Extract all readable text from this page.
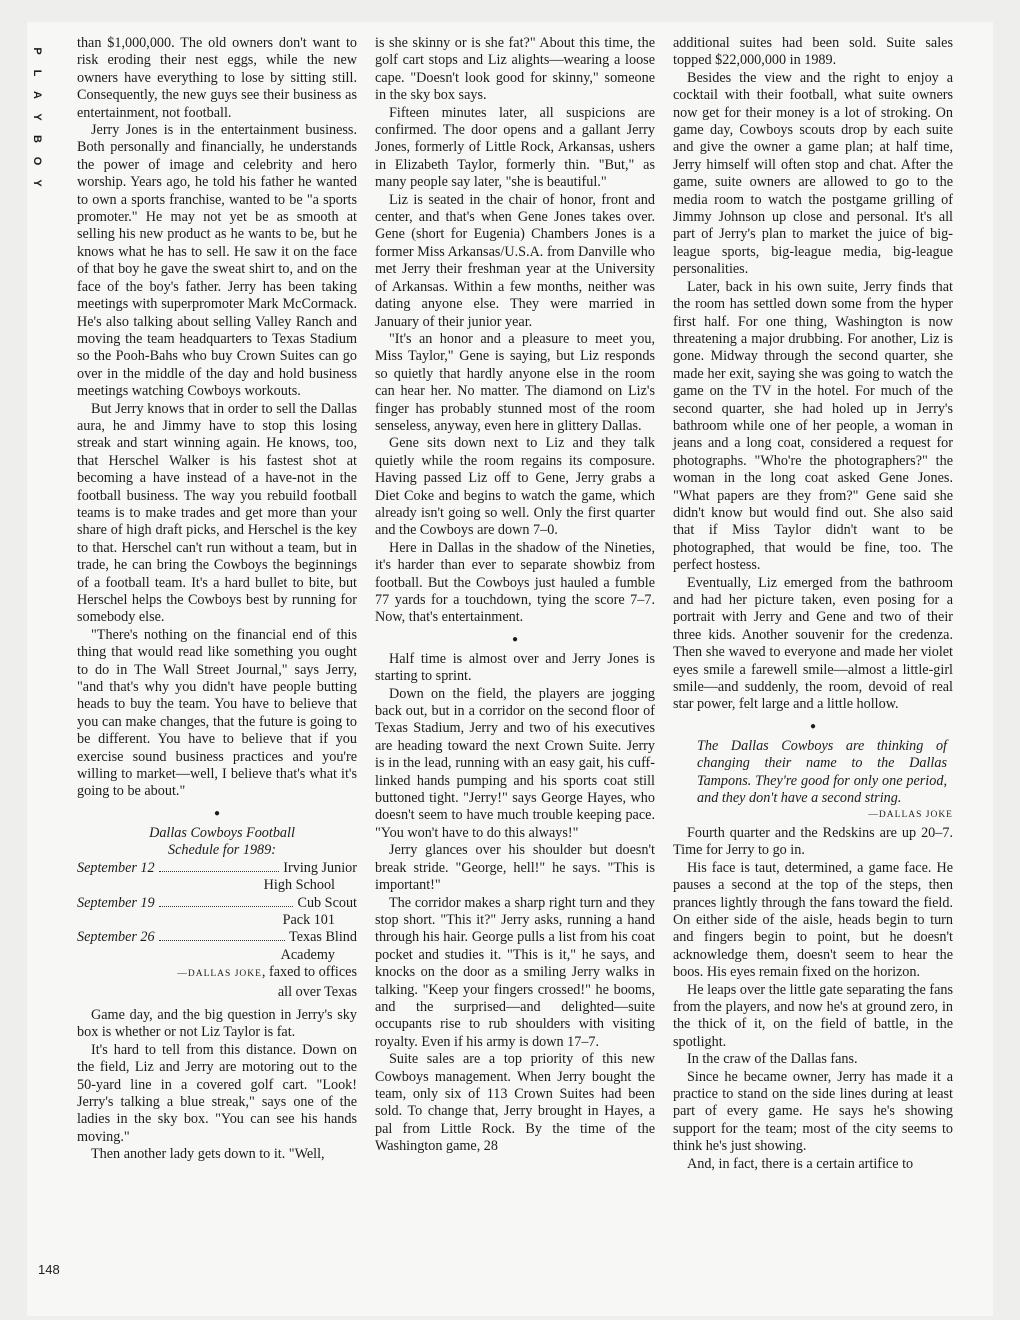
P
L
A
Y
B
O
Y
148

than $1,000,000. The old owners don't want to risk eroding their nest eggs, while the new owners have everything to lose by sitting still. Consequently, the new guys see their business as entertainment, not football.

Jerry Jones is in the entertainment business. Both personally and financially, he understands the power of image and celebrity and hero worship. Years ago, he told his father he wanted to own a sports franchise, wanted to be "a sports promoter." He may not yet be as smooth at selling his new product as he wants to be, but he knows what he has to sell. He saw it on the face of that boy he gave the sweat shirt to, and on the face of the boy's father. Jerry has been taking meetings with superpromoter Mark McCormack. He's also talking about selling Valley Ranch and moving the team headquarters to Texas Stadium so the Pooh-Bahs who buy Crown Suites can go over in the middle of the day and hold business meetings watching Cowboys workouts.

But Jerry knows that in order to sell the Dallas aura, he and Jimmy have to stop this losing streak and start winning again. He knows, too, that Herschel Walker is his fastest shot at becoming a have instead of a have-not in the football business. The way you rebuild football teams is to make trades and get more than your share of high draft picks, and Herschel is the key to that. Herschel can't run without a team, but in trade, he can bring the Cowboys the beginnings of a football team. It's a hard bullet to bite, but Herschel helps the Cowboys best by running for somebody else.

"There's nothing on the financial end of this thing that would read like something you ought to do in The Wall Street Journal," says Jerry, "and that's why you didn't have people butting heads to buy the team. You have to believe that you can make changes, that the future is going to be different. You have to believe that if you exercise sound business practices and you're willing to market—well, I believe that's what it's going to be about."

●
Dallas Cowboys Football
Schedule for 1989:
September 12	Irving Junior
High School
September 19	Cub Scout
Pack 101
September 26	Texas Blind
Academy
—DALLAS JOKE, faxed to offices
all over Texas

Game day, and the big question in Jerry's sky box is whether or not Liz Taylor is fat.

It's hard to tell from this distance. Down on the field, Liz and Jerry are motoring out to the 50-yard line in a covered golf cart. "Look! Jerry's talking a blue streak," says one of the ladies in the sky box. "You can see his hands moving."

Then another lady gets down to it. "Well,

is she skinny or is she fat?" About this time, the golf cart stops and Liz alights—wearing a loose cape. "Doesn't look good for skinny," someone in the sky box says.

Fifteen minutes later, all suspicions are confirmed. The door opens and a gallant Jerry Jones, formerly of Little Rock, Arkansas, ushers in Elizabeth Taylor, formerly thin. "But," as many people say later, "she is beautiful."

Liz is seated in the chair of honor, front and center, and that's when Gene Jones takes over. Gene (short for Eugenia) Chambers Jones is a former Miss Arkansas/U.S.A. from Danville who met Jerry their freshman year at the University of Arkansas. Within a few months, neither was dating anyone else. They were married in January of their junior year.

"It's an honor and a pleasure to meet you, Miss Taylor," Gene is saying, but Liz responds so quietly that hardly anyone else in the room can hear her. No matter. The diamond on Liz's finger has probably stunned most of the room senseless, anyway, even here in glittery Dallas.

Gene sits down next to Liz and they talk quietly while the room regains its composure. Having passed Liz off to Gene, Jerry grabs a Diet Coke and begins to watch the game, which already isn't going so well. Only the first quarter and the Cowboys are down 7–0.

Here in Dallas in the shadow of the Nineties, it's harder than ever to separate showbiz from football. But the Cowboys just hauled a fumble 77 yards for a touchdown, tying the score 7–7. Now, that's entertainment.

●

Half time is almost over and Jerry Jones is starting to sprint.

Down on the field, the players are jogging back out, but in a corridor on the second floor of Texas Stadium, Jerry and two of his executives are heading toward the next Crown Suite. Jerry is in the lead, running with an easy gait, his cuff-linked hands pumping and his sports coat still buttoned tight. "Jerry!" says George Hayes, who doesn't seem to have much trouble keeping pace. "You won't have to do this always!"

Jerry glances over his shoulder but doesn't break stride. "George, hell!" he says. "This is important!"

The corridor makes a sharp right turn and they stop short. "This it?" Jerry asks, running a hand through his hair. George pulls a list from his coat pocket and studies it. "This is it," he says, and knocks on the door as a smiling Jerry walks in talking. "Keep your fingers crossed!" he booms, and the surprised—and delighted—suite occupants rise to rub shoulders with visiting royalty. Even if his army is down 17–7.

Suite sales are a top priority of this new Cowboys management. When Jerry bought the team, only six of 113 Crown Suites had been sold. To change that, Jerry brought in Hayes, a pal from Little Rock. By the time of the Washington game, 28

additional suites had been sold. Suite sales topped $22,000,000 in 1989.

Besides the view and the right to enjoy a cocktail with their football, what suite owners now get for their money is a lot of stroking. On game day, Cowboys scouts drop by each suite and give the owner a game plan; at half time, Jerry himself will often stop and chat. After the game, suite owners are allowed to go to the media room to watch the postgame grilling of Jimmy Johnson up close and personal. It's all part of Jerry's plan to market the juice of big-league sports, big-league media, big-league personalities.

Later, back in his own suite, Jerry finds that the room has settled down some from the hyper first half. For one thing, Washington is now threatening a major drubbing. For another, Liz is gone. Midway through the second quarter, she made her exit, saying she was going to watch the game on the TV in the hotel. For much of the second quarter, she had holed up in Jerry's bathroom while one of her people, a woman in jeans and a long coat, considered a request for photographs. "Who're the photographers?" the woman in the long coat asked Gene Jones. "What papers are they from?" Gene said she didn't know but would find out. She also said that if Miss Taylor didn't want to be photographed, that would be fine, too. The perfect hostess.

Eventually, Liz emerged from the bathroom and had her picture taken, even posing for a portrait with Jerry and Gene and two of their three kids. Another souvenir for the credenza. Then she waved to everyone and made her violet eyes smile a farewell smile—almost a little-girl smile—and suddenly, the room, devoid of real star power, felt large and a little hollow.

●
The Dallas Cowboys are thinking of changing their name to the Dallas Tampons. They're good for only one period, and they don't have a second string.
—DALLAS JOKE

Fourth quarter and the Redskins are up 20–7. Time for Jerry to go in.

His face is taut, determined, a game face. He pauses a second at the top of the steps, then prances lightly through the fans toward the field. On either side of the aisle, heads begin to turn and fingers begin to point, but he doesn't acknowledge them, doesn't seem to hear the boos. His eyes remain fixed on the horizon.

He leaps over the little gate separating the fans from the players, and now he's at ground zero, in the thick of it, on the field of battle, in the spotlight.

In the craw of the Dallas fans.

Since he became owner, Jerry has made it a practice to stand on the side lines during at least part of every game. He says he's showing support for the team; most of the city seems to think he's just showing.

And, in fact, there is a certain artifice to
